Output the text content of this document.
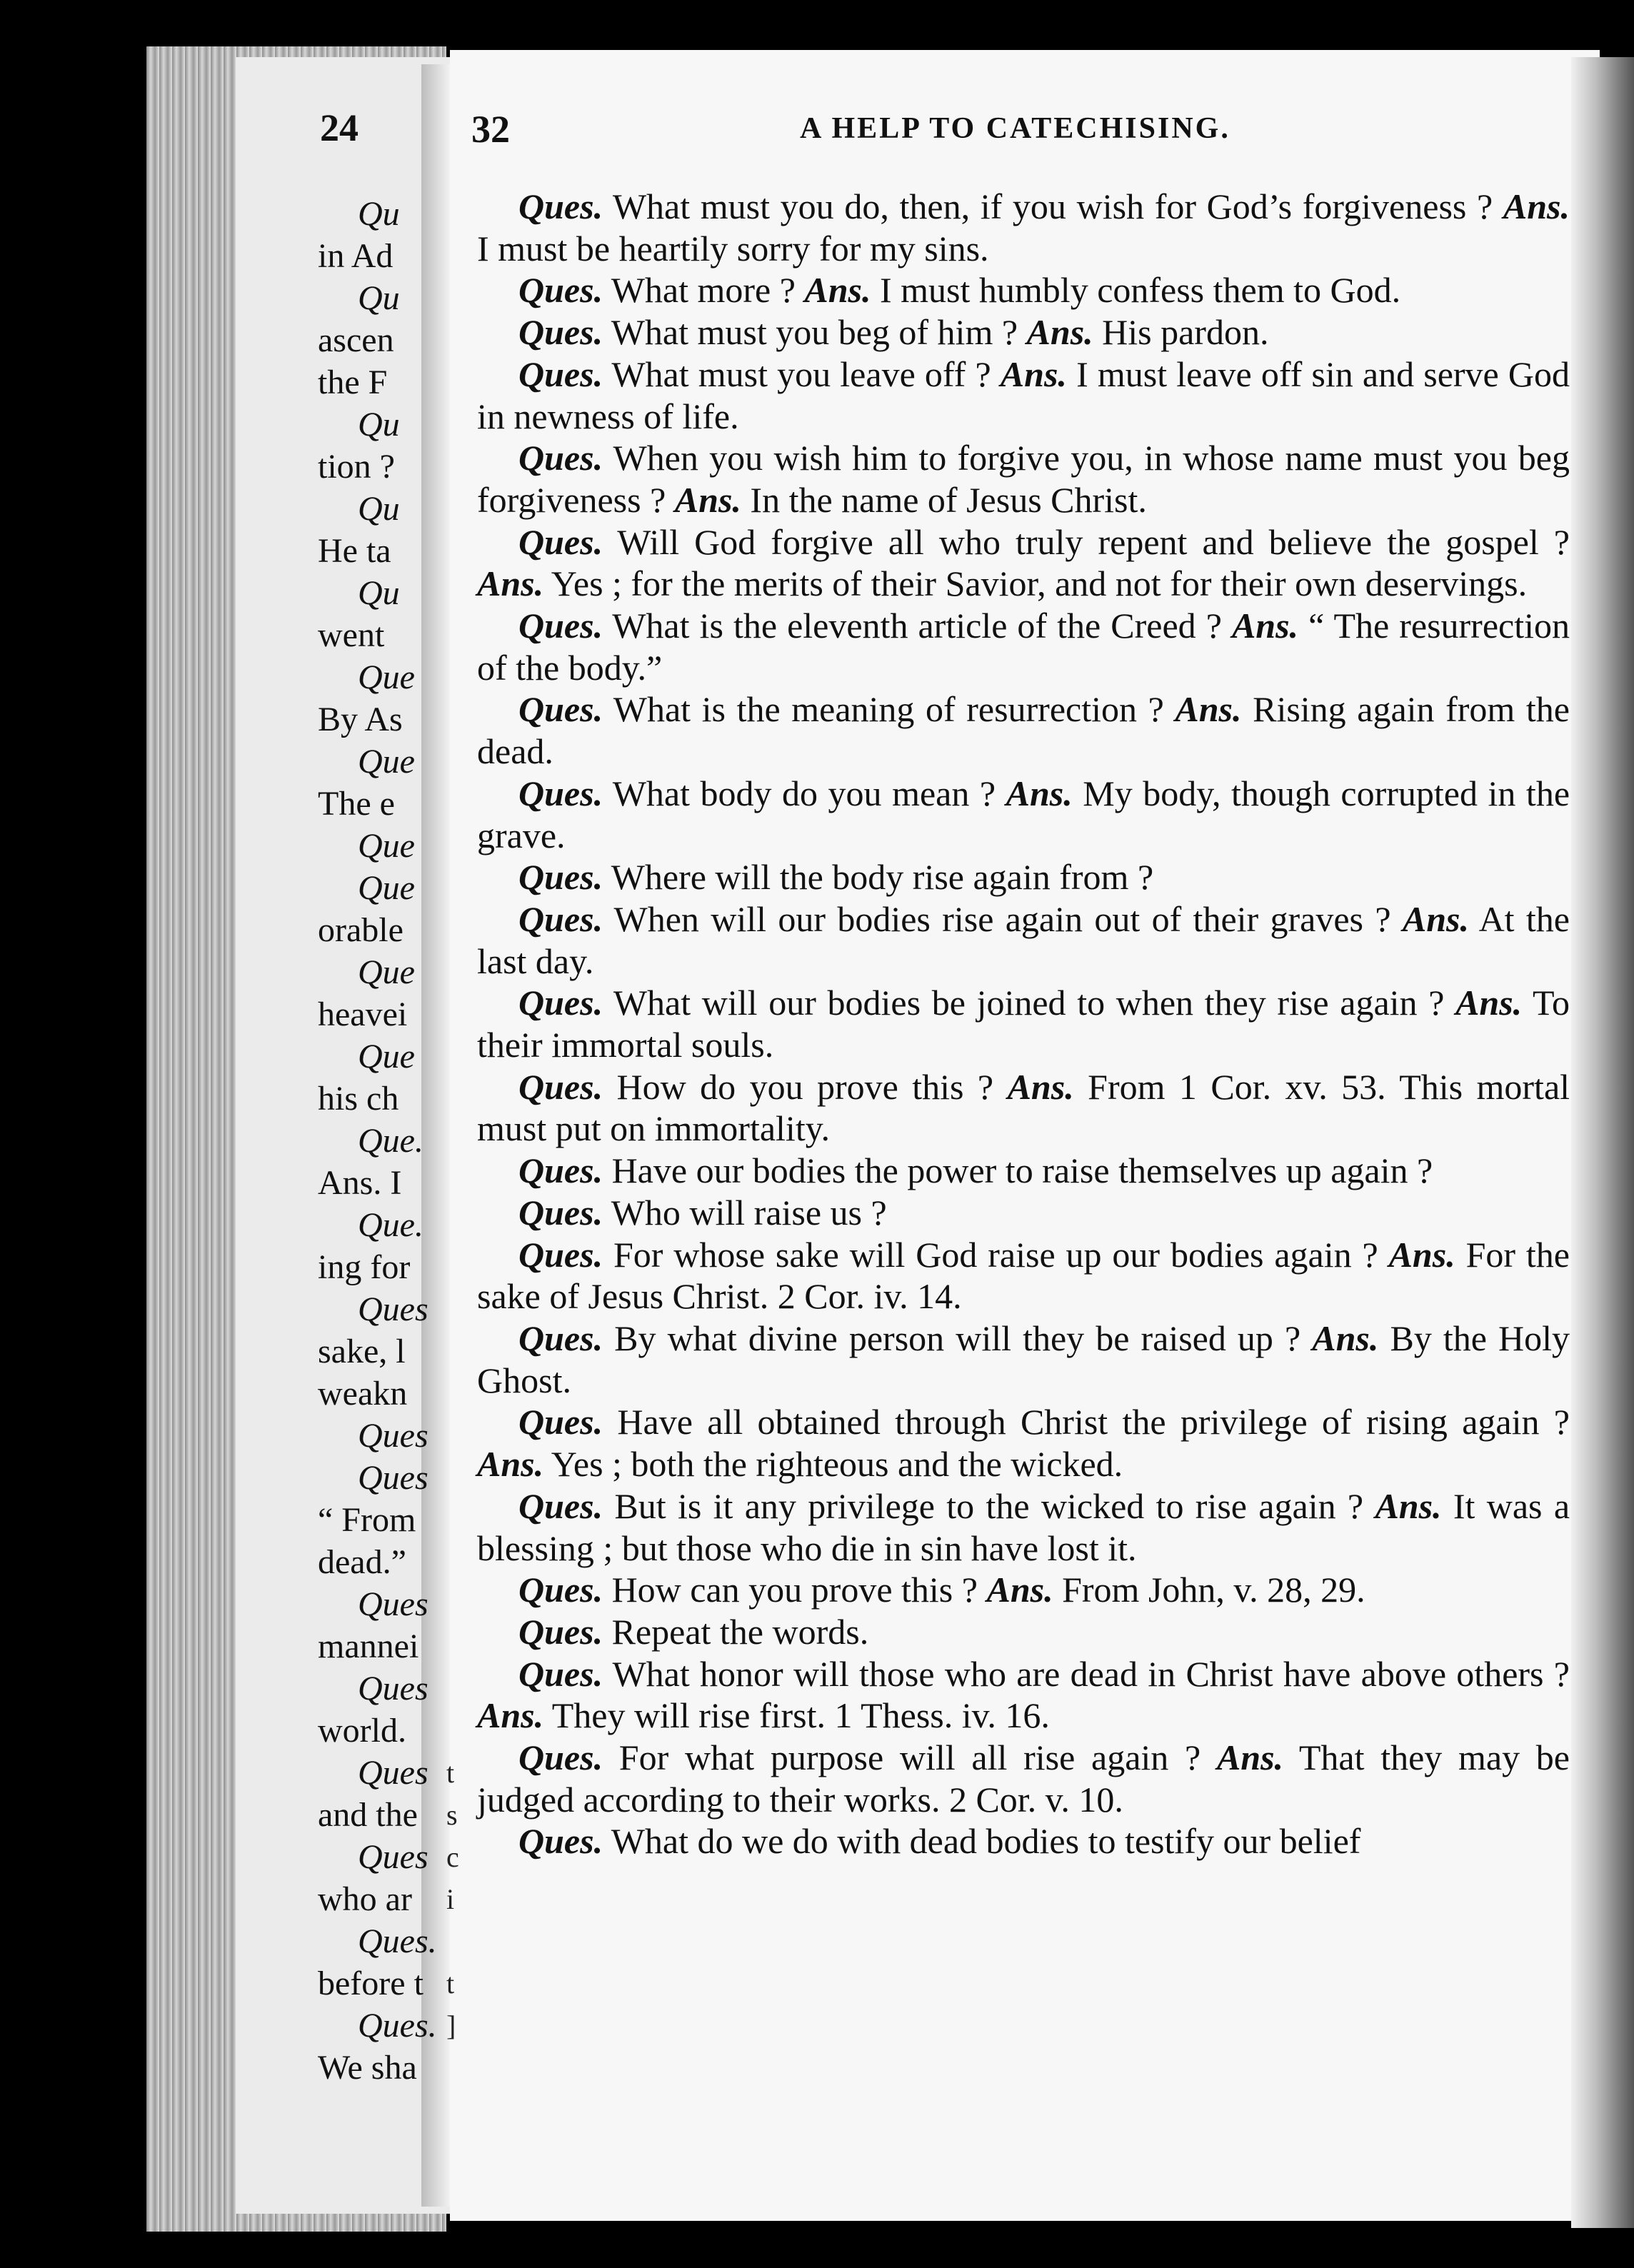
24
Qu
in Ad
Qu
ascen
the F
Qu
tion ?
Qu
He ta
Qu
went
Que
By As
Que
The e
Que
Que
orable
Que
heavei
Que
his ch
Que.
Ans. I
Que.
ing for
Ques
sake, l
weakn
Ques
Ques
“ From
dead.”
Ques
mannei
Ques
world.
Ques
and the
Ques
who ar
Ques.
before t
Ques.
We sha
t
s
c
i
t
]
32	A HELP TO CATECHISING.

Ques. What must you do, then, if you wish for God’s forgiveness ? Ans. I must be heartily sorry for my sins.

Ques. What more ? Ans. I must humbly confess them to God.

Ques. What must you beg of him ? Ans. His pardon.

Ques. What must you leave off ? Ans. I must leave off sin and serve God in newness of life.

Ques. When you wish him to forgive you, in whose name must you beg forgiveness ? Ans. In the name of Jesus Christ.

Ques. Will God forgive all who truly repent and believe the gospel ? Ans. Yes ; for the merits of their Savior, and not for their own deservings.

Ques. What is the eleventh article of the Creed ? Ans. “ The resurrection of the body.”

Ques. What is the meaning of resurrection ? Ans. Rising again from the dead.

Ques. What body do you mean ? Ans. My body, though corrupted in the grave.

Ques. Where will the body rise again from ?

Ques. When will our bodies rise again out of their graves ? Ans. At the last day.

Ques. What will our bodies be joined to when they rise again ? Ans. To their immortal souls.

Ques. How do you prove this ? Ans. From 1 Cor. xv. 53. This mortal must put on immortality.

Ques. Have our bodies the power to raise themselves up again ?

Ques. Who will raise us ?

Ques. For whose sake will God raise up our bodies again ? Ans. For the sake of Jesus Christ. 2 Cor. iv. 14.

Ques. By what divine person will they be raised up ? Ans. By the Holy Ghost.

Ques. Have all obtained through Christ the privilege of rising again ? Ans. Yes ; both the righteous and the wicked.

Ques. But is it any privilege to the wicked to rise again ? Ans. It was a blessing ; but those who die in sin have lost it.

Ques. How can you prove this ? Ans. From John, v. 28, 29.

Ques. Repeat the words.

Ques. What honor will those who are dead in Christ have above others ? Ans. They will rise first. 1 Thess. iv. 16.

Ques. For what purpose will all rise again ? Ans. That they may be judged according to their works. 2 Cor. v. 10.

Ques. What do we do with dead bodies to testify our belief
